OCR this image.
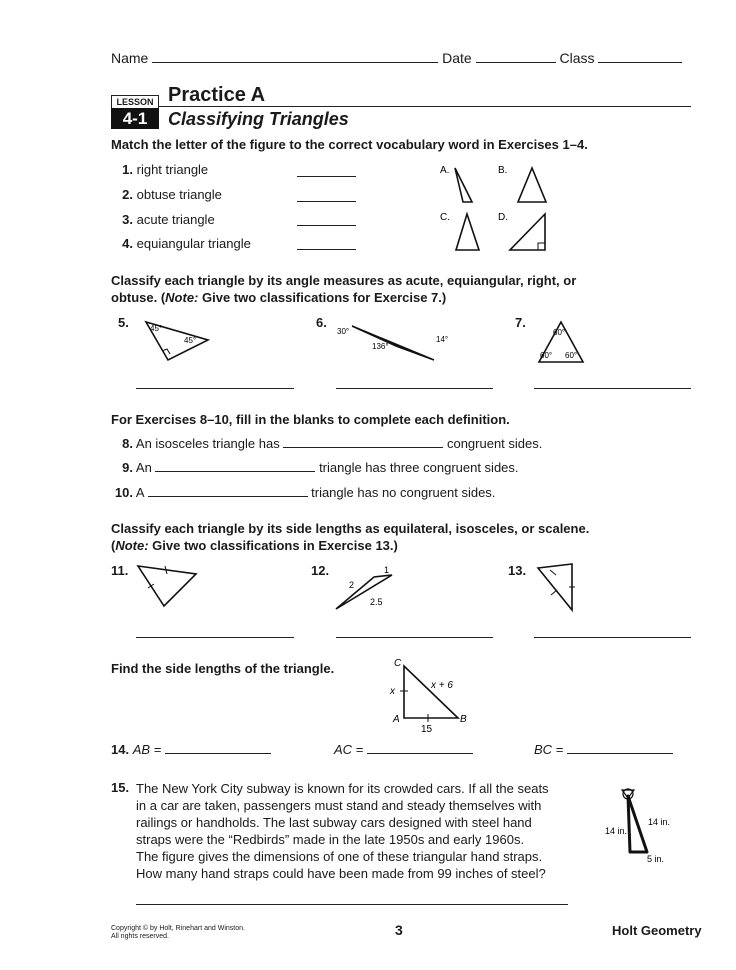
Name	Date	Class
LESSON
4-1
Practice A
Classifying Triangles
Match the letter of the figure to the correct vocabulary word in Exercises 1–4.
1. right triangle
2. obtuse triangle
3. acute triangle
4. equiangular triangle
A.	B.
C.	D.
Classify each triangle by its angle measures as acute, equiangular, right, or
obtuse. (Note: Give two classifications for Exercise 7.)
5.	6.	7.
45°
45°
30°
136°
14°
60°
60° 60°
For Exercises 8–10, fill in the blanks to complete each definition.
8. An isosceles triangle has	congruent sides.
9. An	triangle has three congruent sides.
10. A	triangle has no congruent sides.
Classify each triangle by its side lengths as equilateral, isosceles, or scalene.
(Note: Give two classifications in Exercise 13.)
11.	12.	13.
1
2
2.5
Find the side lengths of the triangle.	C
A	B
x
x + 6
15
14. AB =	AC =	BC =
15. The New York City subway is known for its crowded cars. If all the seats
in a car are taken, passengers must stand and steady themselves with
railings or handholds. The last subway cars designed with steel hand
straps were the “Redbirds” made in the late 1950s and early 1960s.
The figure gives the dimensions of one of these triangular hand straps.
How many hand straps could have been made from 99 inches of steel?
14 in.
14 in.
5 in.
Copyright © by Holt, Rinehart and Winston.
All rights reserved.	3	Holt Geometry
